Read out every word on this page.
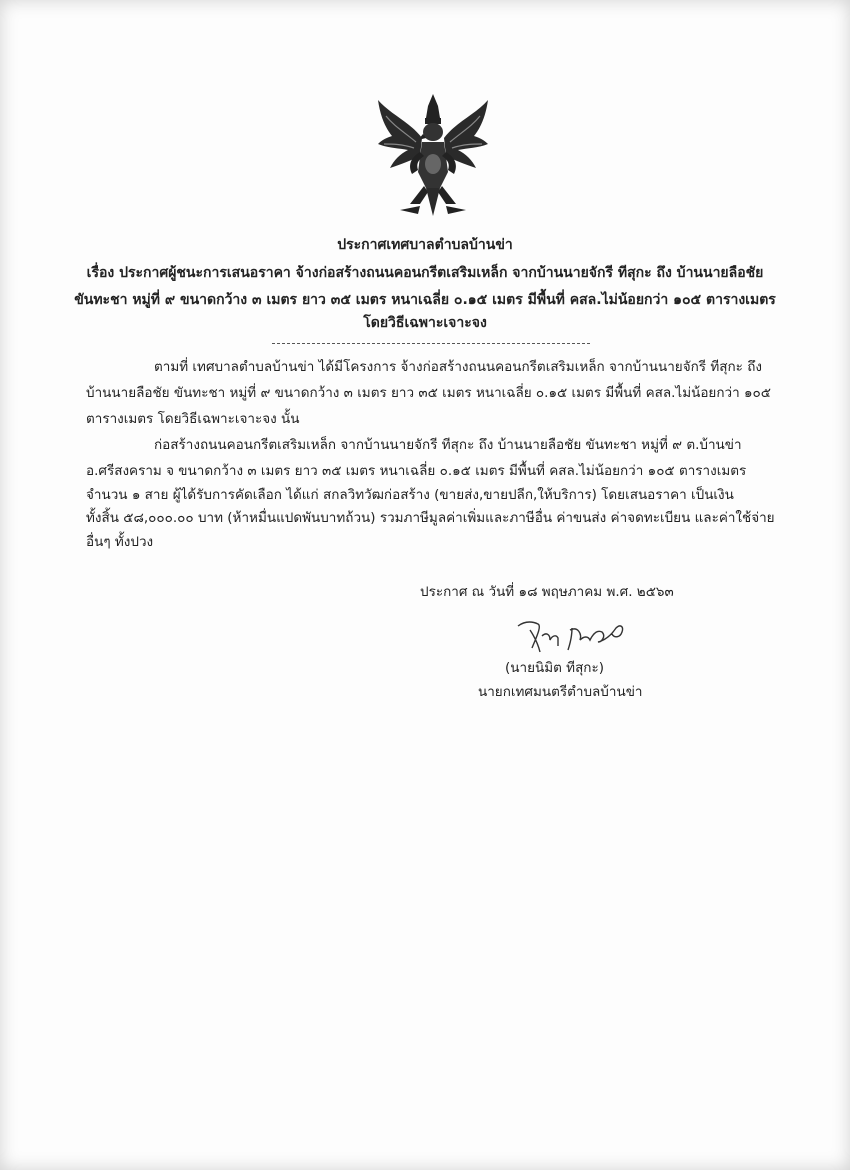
ประกาศเทศบาลตำบลบ้านข่า
เรื่อง ประกาศผู้ชนะการเสนอราคา จ้างก่อสร้างถนนคอนกรีตเสริมเหล็ก จากบ้านนายจักรี ทีสุกะ ถึง บ้านนายลือชัย
ขันทะชา หมู่ที่ ๙ ขนาดกว้าง ๓ เมตร ยาว ๓๕ เมตร หนาเฉลี่ย ๐.๑๕ เมตร มีพื้นที่ คสล.ไม่น้อยกว่า ๑๐๕ ตารางเมตร
โดยวิธีเฉพาะเจาะจง
ตามที่ เทศบาลตำบลบ้านข่า ได้มีโครงการ จ้างก่อสร้างถนนคอนกรีตเสริมเหล็ก จากบ้านนายจักรี ทีสุกะ ถึง
บ้านนายลือชัย ขันทะชา หมู่ที่ ๙ ขนาดกว้าง ๓ เมตร ยาว ๓๕ เมตร หนาเฉลี่ย ๐.๑๕ เมตร มีพื้นที่ คสล.ไม่น้อยกว่า ๑๐๕
ตารางเมตร โดยวิธีเฉพาะเจาะจง นั้น
ก่อสร้างถนนคอนกรีตเสริมเหล็ก จากบ้านนายจักรี ทีสุกะ ถึง บ้านนายลือชัย ขันทะชา หมู่ที่ ๙ ต.บ้านข่า
อ.ศรีสงคราม จ ขนาดกว้าง ๓ เมตร ยาว ๓๕ เมตร หนาเฉลี่ย ๐.๑๕ เมตร มีพื้นที่ คสล.ไม่น้อยกว่า ๑๐๕ ตารางเมตร
จำนวน ๑ สาย ผู้ได้รับการคัดเลือก ได้แก่ สกลวิทวัฒก่อสร้าง (ขายส่ง,ขายปลีก,ให้บริการ) โดยเสนอราคา เป็นเงิน
ทั้งสิ้น ๕๘,๐๐๐.๐๐ บาท (ห้าหมื่นแปดพันบาทถ้วน) รวมภาษีมูลค่าเพิ่มและภาษีอื่น ค่าขนส่ง ค่าจดทะเบียน และค่าใช้จ่าย
อื่นๆ ทั้งปวง
ประกาศ ณ วันที่ ๑๘ พฤษภาคม พ.ศ. ๒๕๖๓
(นายนิมิต ทีสุกะ)
นายกเทศมนตรีตำบลบ้านข่า
